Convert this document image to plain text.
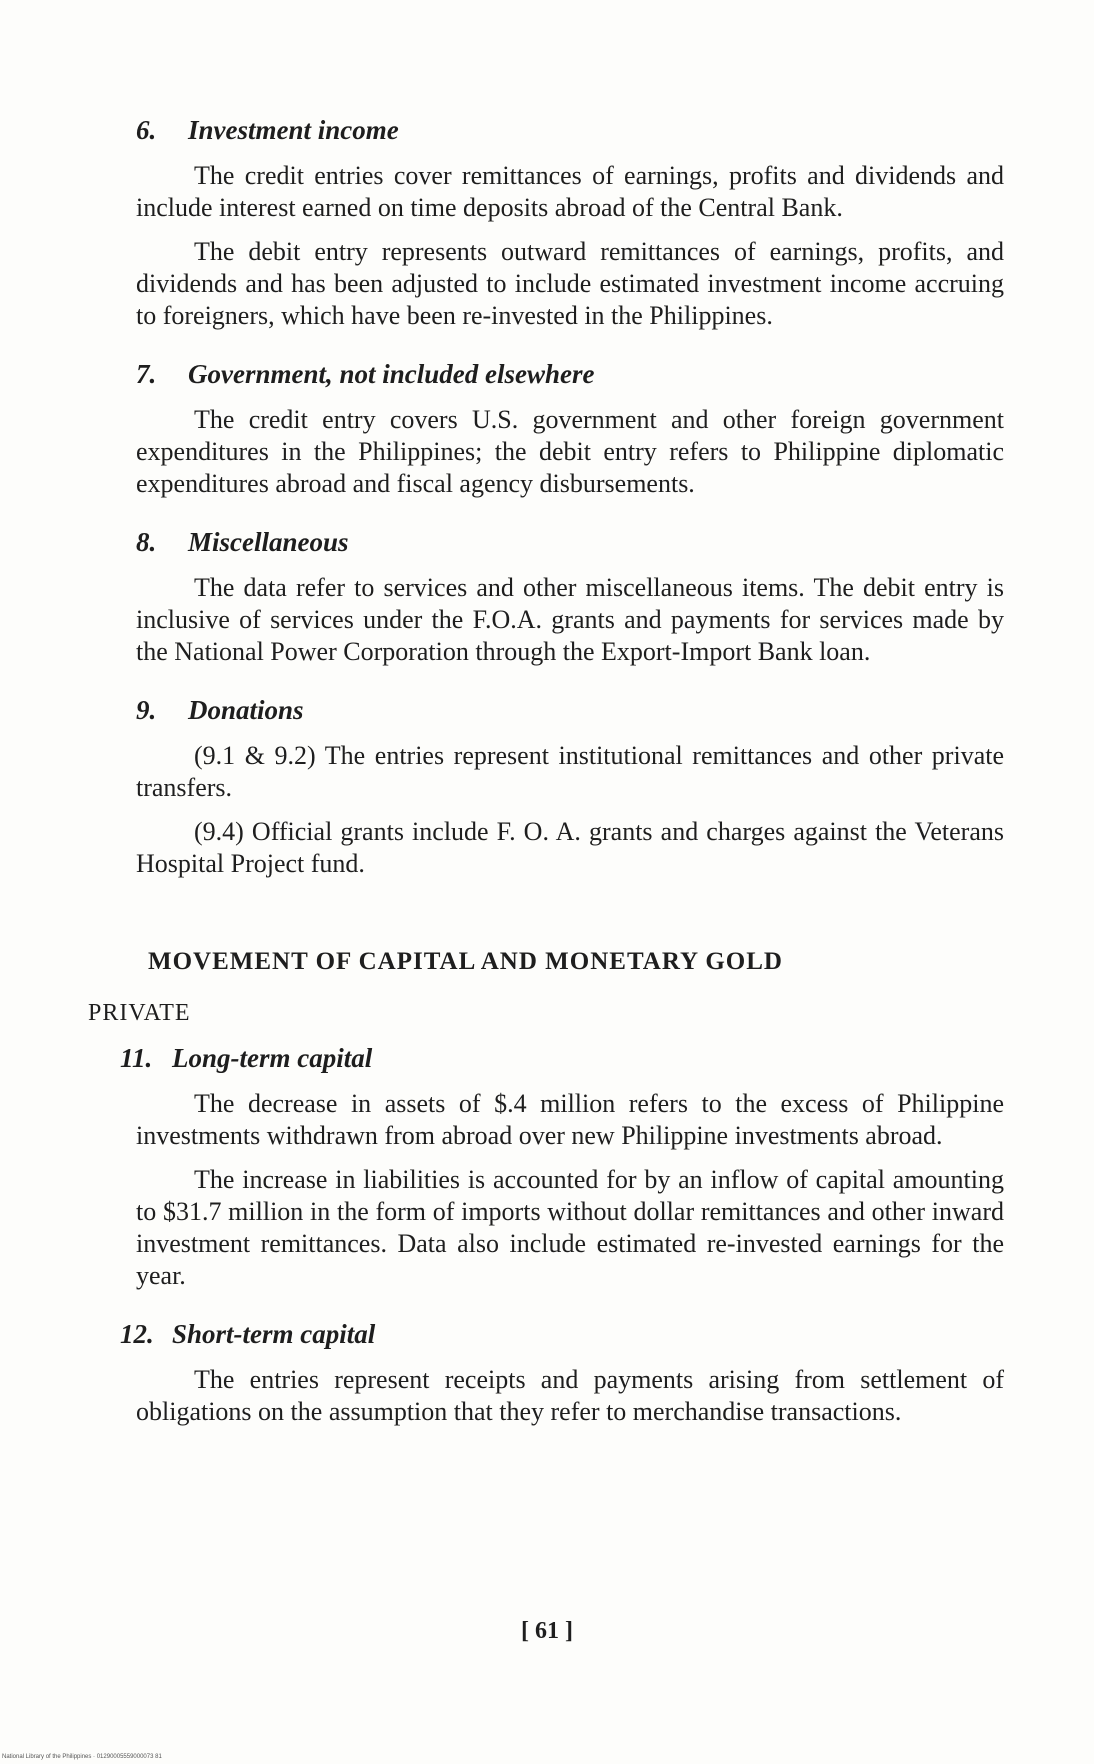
6. Investment income

The credit entries cover remittances of earnings, profits and dividends and include interest earned on time deposits abroad of the Central Bank.

The debit entry represents outward remittances of earnings, profits, and dividends and has been adjusted to include estimated investment income accruing to foreigners, which have been re-invested in the Philippines.

7. Government, not included elsewhere

The credit entry covers U.S. government and other foreign government expenditures in the Philippines; the debit entry refers to Philippine diplomatic expenditures abroad and fiscal agency disbursements.

8. Miscellaneous

The data refer to services and other miscellaneous items. The debit entry is inclusive of services under the F.O.A. grants and payments for services made by the National Power Corporation through the Export-Import Bank loan.

9. Donations

(9.1 & 9.2) The entries represent institutional remittances and other private transfers.

(9.4) Official grants include F. O. A. grants and charges against the Veterans Hospital Project fund.

MOVEMENT OF CAPITAL AND MONETARY GOLD
PRIVATE
11. Long-term capital

The decrease in assets of $.4 million refers to the excess of Philippine investments withdrawn from abroad over new Philippine investments abroad.

The increase in liabilities is accounted for by an inflow of capital amounting to $31.7 million in the form of imports without dollar remittances and other inward investment remittances. Data also include estimated re-invested earnings for the year.

12. Short-term capital

The entries represent receipts and payments arising from settlement of obligations on the assumption that they refer to merchandise transactions.

[ 61 ]
National Library of the Philippines · 01290005559000073 81
